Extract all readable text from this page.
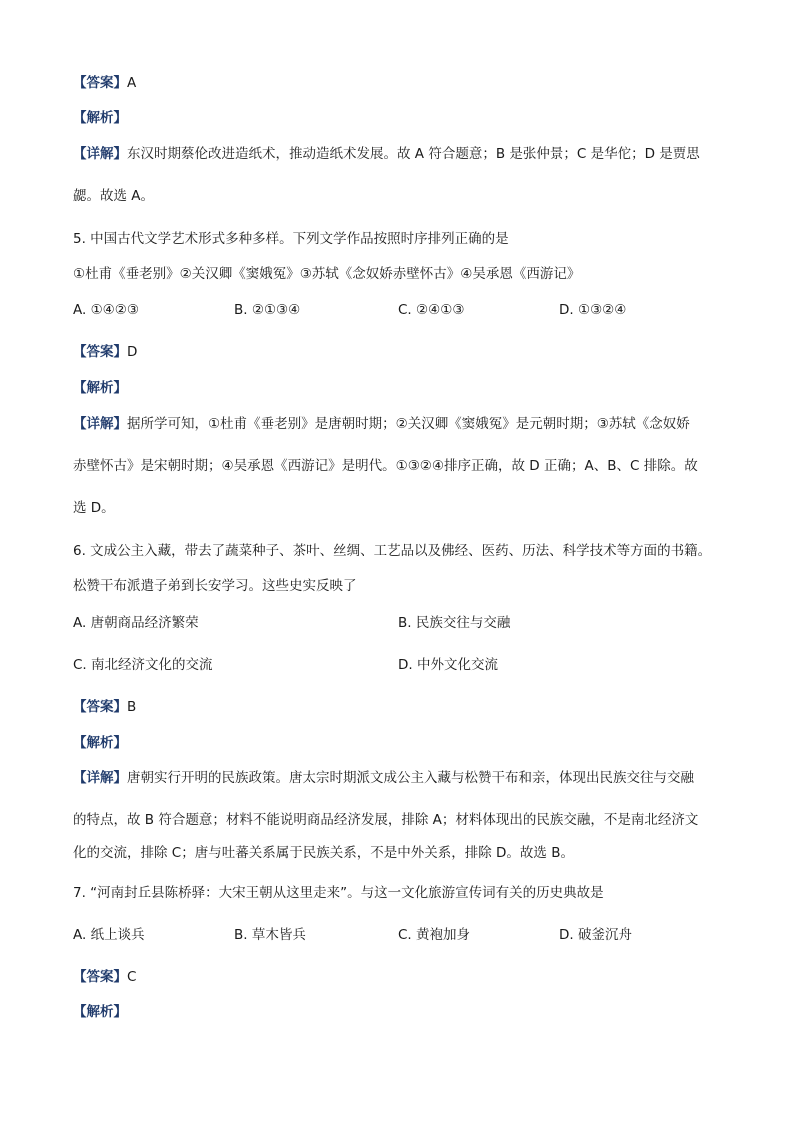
【答案】A
【解析】
【详解】东汉时期蔡伦改进造纸术，推动造纸术发展。故 A 符合题意；B 是张仲景；C 是华佗；D 是贾思
勰。故选 A。
5. 中国古代文学艺术形式多种多样。下列文学作品按照时序排列正确的是
①杜甫《垂老别》②关汉卿《窦娥冤》③苏轼《念奴娇赤壁怀古》④吴承恩《西游记》
A. ①④②③	B. ②①③④	C. ②④①③	D. ①③②④
【答案】D
【解析】
【详解】据所学可知，①杜甫《垂老别》是唐朝时期；②关汉卿《窦娥冤》是元朝时期；③苏轼《念奴娇
赤壁怀古》是宋朝时期；④吴承恩《西游记》是明代。①③②④排序正确，故 D 正确；A、B、C 排除。故
选 D。
6. 文成公主入藏，带去了蔬菜种子、茶叶、丝绸、工艺品以及佛经、医药、历法、科学技术等方面的书籍。
松赞干布派遣子弟到长安学习。这些史实反映了
A. 唐朝商品经济繁荣	B. 民族交往与交融
C. 南北经济文化的交流	D. 中外文化交流
【答案】B
【解析】
【详解】唐朝实行开明的民族政策。唐太宗时期派文成公主入藏与松赞干布和亲，体现出民族交往与交融
的特点，故 B 符合题意；材料不能说明商品经济发展，排除 A；材料体现出的民族交融，不是南北经济文
化的交流，排除 C；唐与吐蕃关系属于民族关系，不是中外关系，排除 D。故选 B。
7. “河南封丘县陈桥驿：大宋王朝从这里走来”。与这一文化旅游宣传词有关的历史典故是
A. 纸上谈兵	B. 草木皆兵	C. 黄袍加身	D. 破釜沉舟
【答案】C
【解析】
